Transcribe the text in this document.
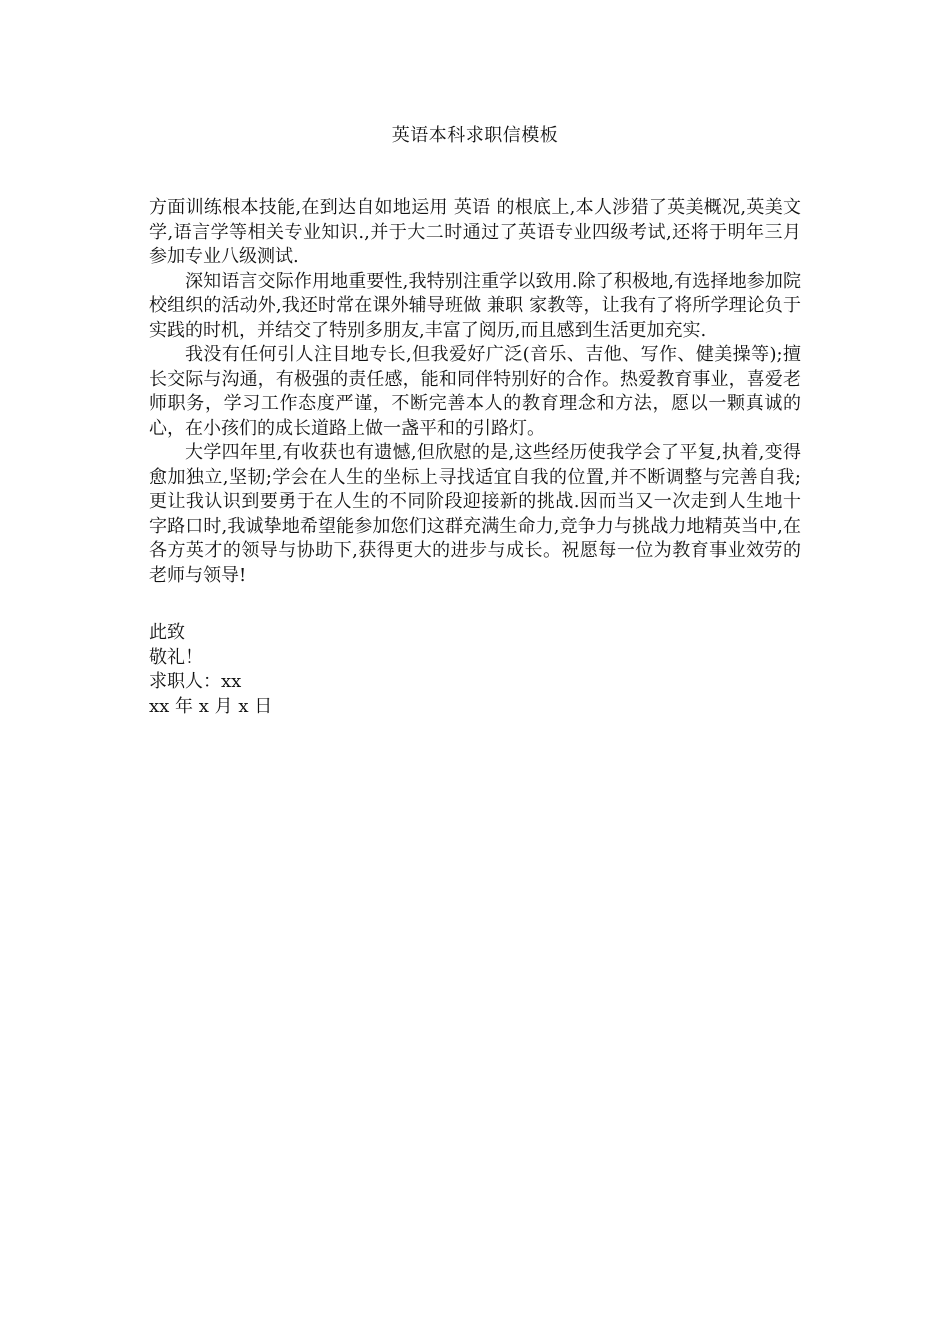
英语本科求职信模板

方面训练根本技能,在到达自如地运用 英语 的根底上,本人涉猎了英美概况,英美文学,语言学等相关专业知识.,并于大二时通过了英语专业四级考试,还将于明年三月参加专业八级测试.

深知语言交际作用地重要性,我特别注重学以致用.除了积极地,有选择地参加院校组织的活动外,我还时常在课外辅导班做 兼职 家教等，让我有了将所学理论负于实践的时机，并结交了特别多朋友,丰富了阅历,而且感到生活更加充实.

我没有任何引人注目地专长,但我爱好广泛(音乐、吉他、写作、健美操等);擅长交际与沟通，有极强的责任感，能和同伴特别好的合作。热爱教育事业，喜爱老师职务，学习工作态度严谨，不断完善本人的教育理念和方法，愿以一颗真诚的心，在小孩们的成长道路上做一盏平和的引路灯。

大学四年里,有收获也有遗憾,但欣慰的是,这些经历使我学会了平复,执着,变得愈加独立,坚韧;学会在人生的坐标上寻找适宜自我的位置,并不断调整与完善自我;更让我认识到要勇于在人生的不同阶段迎接新的挑战.因而当又一次走到人生地十字路口时,我诚挚地希望能参加您们这群充满生命力,竞争力与挑战力地精英当中,在各方英才的领导与协助下,获得更大的进步与成长。祝愿每一位为教育事业效劳的老师与领导!

此致
敬礼！
求职人：xx
xx 年 x 月 x 日
